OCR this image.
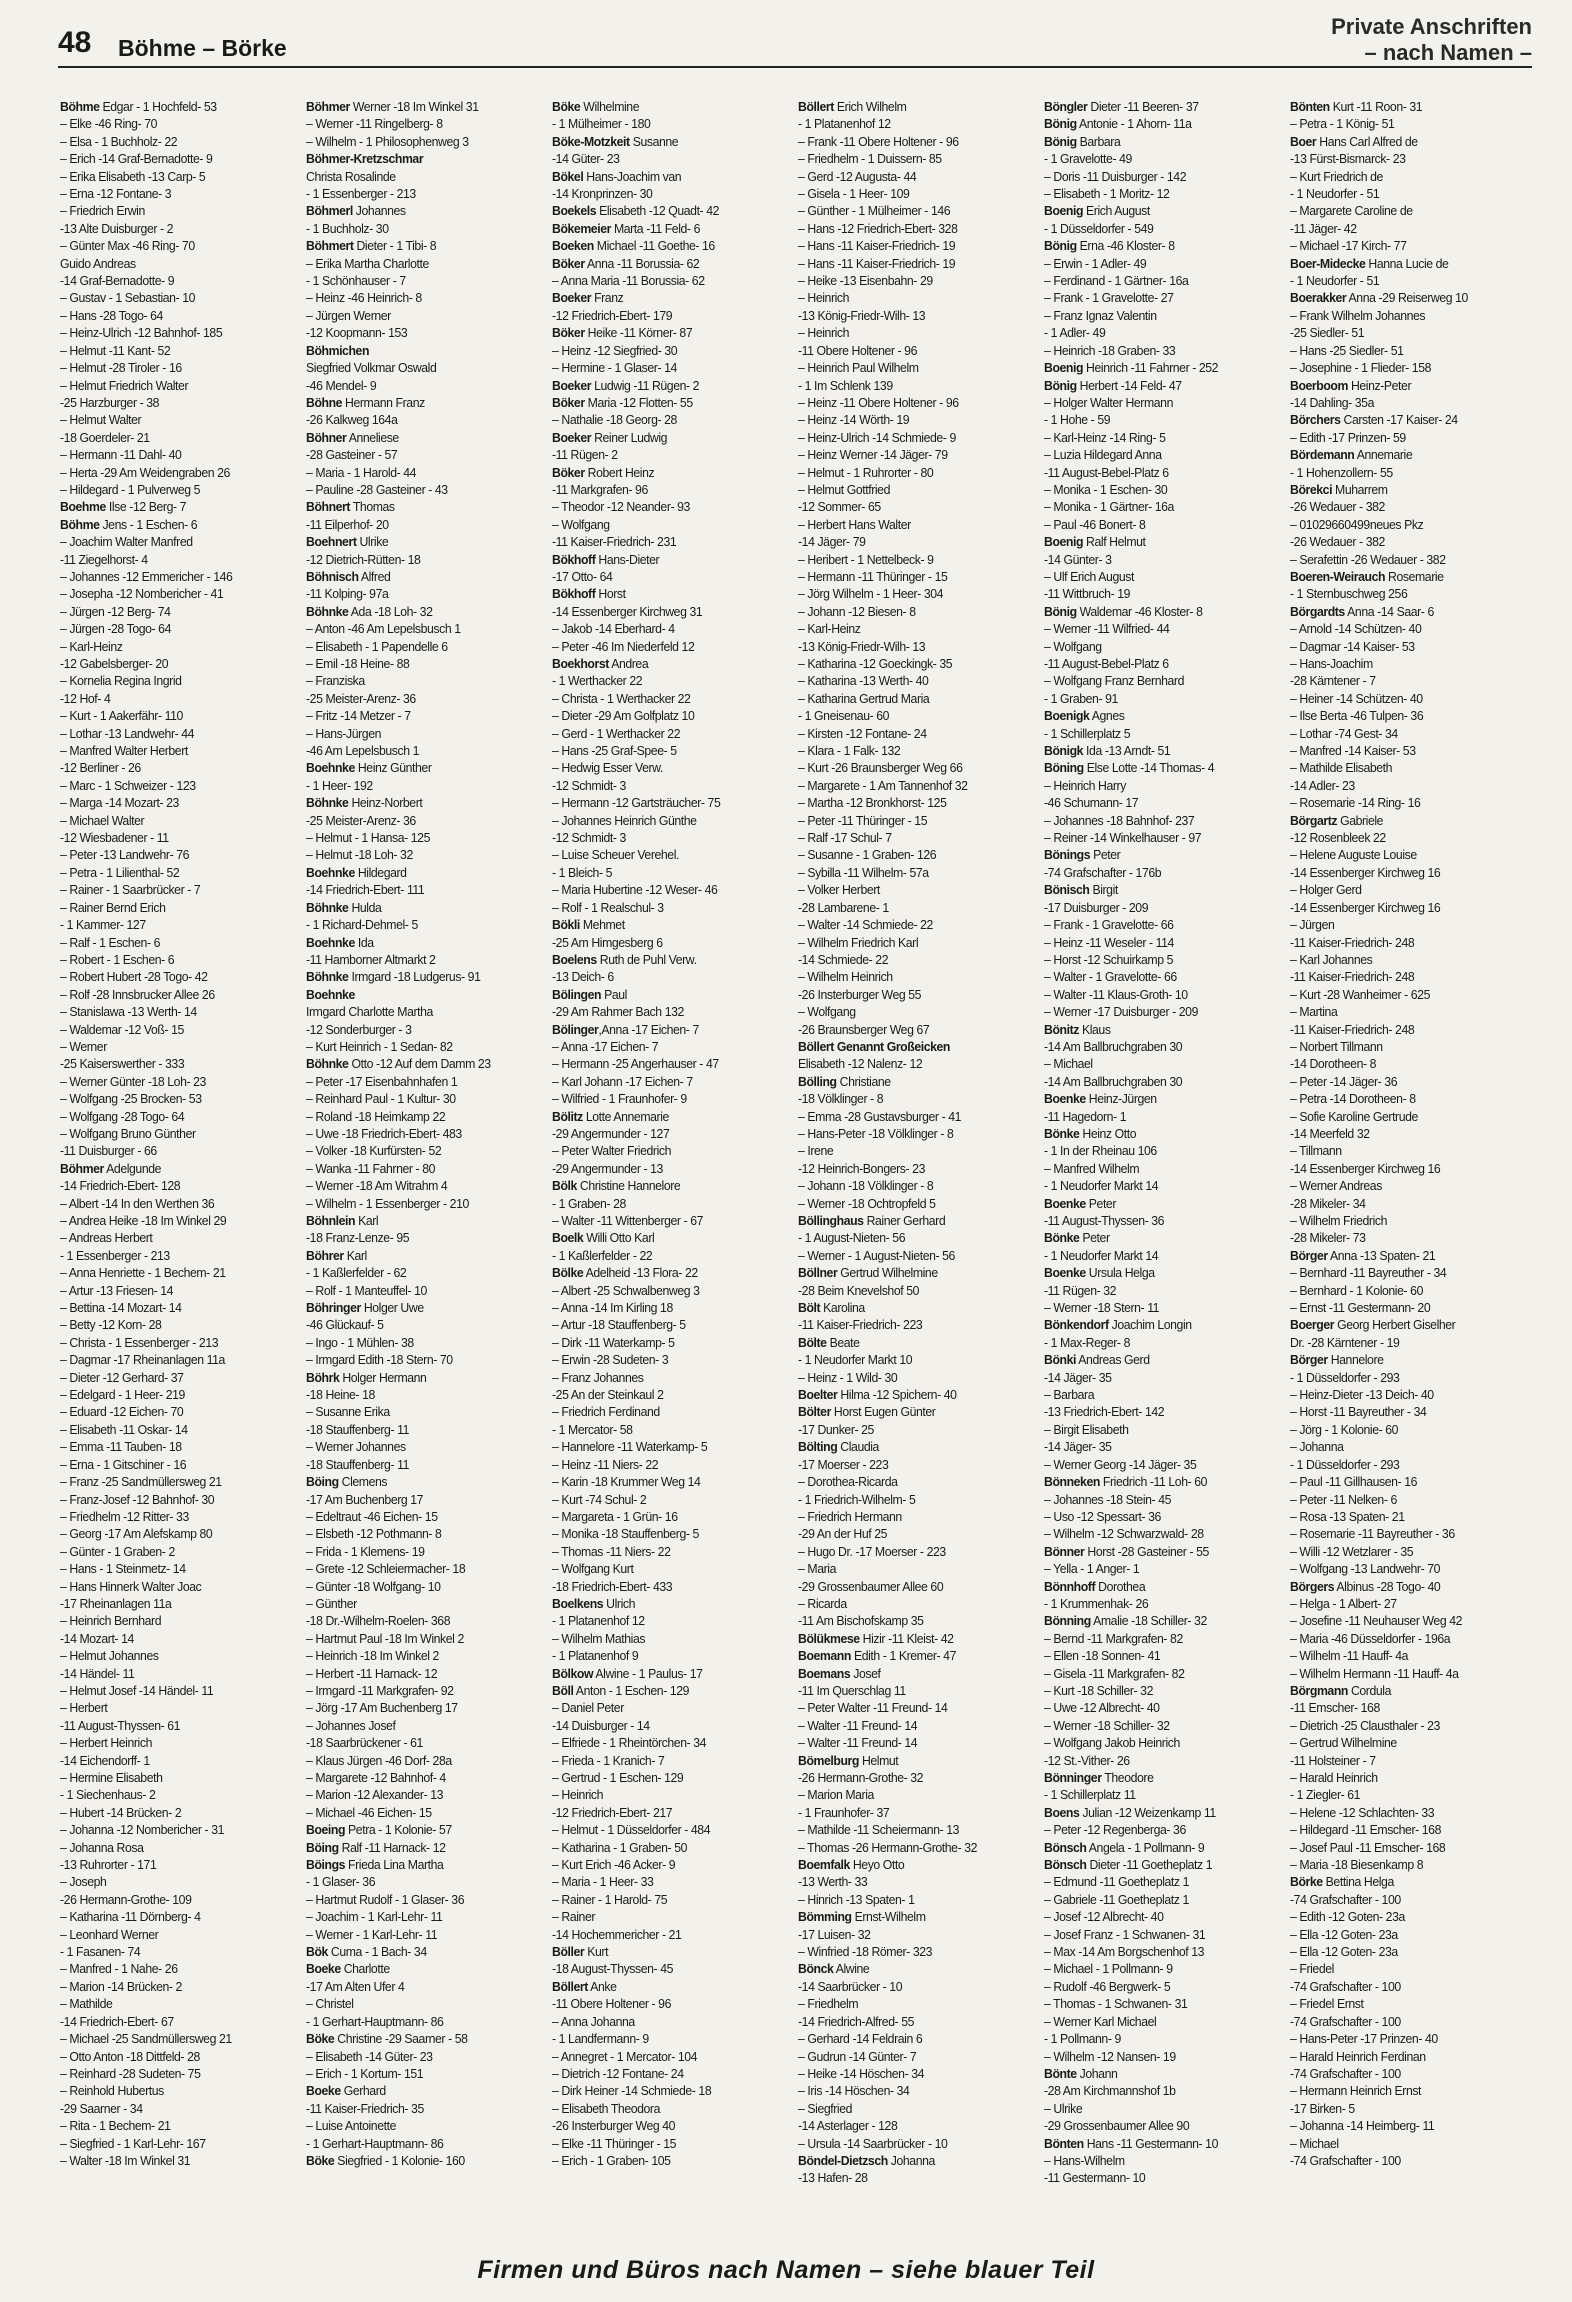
48 Böhme – Börke
Private Anschriften
– nach Namen –
Böhme Edgar - 1 Hochfeld- 53
– Elke -46 Ring- 70
– Elsa - 1 Buchholz- 22
– Erich -14 Graf-Bernadotte- 9
– Erika Elisabeth -13 Carp- 5
– Erna -12 Fontane- 3
– Friedrich Erwin
-13 Alte Duisburger - 2
– Günter Max -46 Ring- 70
Guido Andreas
-14 Graf-Bernadotte- 9
– Gustav - 1 Sebastian- 10
– Hans -28 Togo- 64
– Heinz-Ulrich -12 Bahnhof- 185
– Helmut -11 Kant- 52
– Helmut -28 Tiroler - 16
– Helmut Friedrich Walter
-25 Harzburger - 38
– Helmut Walter
-18 Goerdeler- 21
– Hermann -11 Dahl- 40
– Herta -29 Am Weidengraben 26
– Hildegard - 1 Pulverweg 5
Boehme Ilse -12 Berg- 7
Böhme Jens - 1 Eschen- 6
– Joachim Walter Manfred
-11 Ziegelhorst- 4
– Johannes -12 Emmericher - 146
– Josepha -12 Nombericher - 41
– Jürgen -12 Berg- 74
– Jürgen -28 Togo- 64
– Karl-Heinz
-12 Gabelsberger- 20
– Kornelia Regina Ingrid
-12 Hof- 4
– Kurt - 1 Aakerfähr- 110
– Lothar -13 Landwehr- 44
– Manfred Walter Herbert
-12 Berliner - 26
– Marc - 1 Schweizer - 123
– Marga -14 Mozart- 23
– Michael Walter
-12 Wiesbadener - 11
– Peter -13 Landwehr- 76
– Petra - 1 Lilienthal- 52
– Rainer - 1 Saarbrücker - 7
– Rainer Bernd Erich
- 1 Kammer- 127
– Ralf - 1 Eschen- 6
– Robert - 1 Eschen- 6
– Robert Hubert -28 Togo- 42
– Rolf -28 Innsbrucker Allee 26
– Stanislawa -13 Werth- 14
– Waldemar -12 Voß- 15
– Werner
-25 Kaiserswerther - 333
– Werner Günter -18 Loh- 23
– Wolfgang -25 Brocken- 53
– Wolfgang -28 Togo- 64
– Wolfgang Bruno Günther
-11 Duisburger - 66
Böhmer Adelgunde
-14 Friedrich-Ebert- 128
– Albert -14 In den Werthen 36
– Andrea Heike -18 Im Winkel 29
– Andreas Herbert
- 1 Essenberger - 213
– Anna Henriette - 1 Bechem- 21
– Artur -13 Friesen- 14
– Bettina -14 Mozart- 14
– Betty -12 Korn- 28
– Christa - 1 Essenberger - 213
– Dagmar -17 Rheinanlagen 11a
– Dieter -12 Gerhard- 37
– Edelgard - 1 Heer- 219
– Eduard -12 Eichen- 70
– Elisabeth -11 Oskar- 14
– Emma -11 Tauben- 18
– Erna - 1 Gitschiner - 16
– Franz -25 Sandmüllersweg 21
– Franz-Josef -12 Bahnhof- 30
– Friedhelm -12 Ritter- 33
– Georg -17 Am Alefskamp 80
– Günter - 1 Graben- 2
– Hans - 1 Steinmetz- 14
– Hans Hinnerk Walter Joac
-17 Rheinanlagen 11a
– Heinrich Bernhard
-14 Mozart- 14
– Helmut Johannes
-14 Händel- 11
– Helmut Josef -14 Händel- 11
– Herbert
-11 August-Thyssen- 61
– Herbert Heinrich
-14 Eichendorff- 1
– Hermine Elisabeth
- 1 Siechenhaus- 2
– Hubert -14 Brücken- 2
– Johanna -12 Nombericher - 31
– Johanna Rosa
-13 Ruhrorter - 171
– Joseph
-26 Hermann-Grothe- 109
– Katharina -11 Dörnberg- 4
– Leonhard Werner
- 1 Fasanen- 74
– Manfred - 1 Nahe- 26
– Marion -14 Brücken- 2
– Mathilde
-14 Friedrich-Ebert- 67
– Michael -25 Sandmüllersweg 21
– Otto Anton -18 Dittfeld- 28
– Reinhard -28 Sudeten- 75
– Reinhold Hubertus
-29 Saarner - 34
– Rita - 1 Bechem- 21
– Siegfried - 1 Karl-Lehr- 167
– Walter -18 Im Winkel 31
Böhmer Werner -18 Im Winkel 31
– Werner -11 Ringelberg- 8
– Wilhelm - 1 Philosophenweg 3
Böhmer-Kretzschmar
Christa Rosalinde
- 1 Essenberger - 213
Böhmerl Johannes
- 1 Buchholz- 30
Böhmert Dieter - 1 Tibi- 8
– Erika Martha Charlotte
- 1 Schönhauser - 7
– Heinz -46 Heinrich- 8
– Jürgen Werner
-12 Koopmann- 153
Böhmichen
Siegfried Volkmar Oswald
-46 Mendel- 9
Böhne Hermann Franz
-26 Kalkweg 164a
Böhner Anneliese
-28 Gasteiner - 57
– Maria - 1 Harold- 44
– Pauline -28 Gasteiner - 43
Böhnert Thomas
-11 Eilperhof- 20
Boehnert Ulrike
-12 Dietrich-Rütten- 18
Böhnisch Alfred
-11 Kolping- 97a
Böhnke Ada -18 Loh- 32
– Anton -46 Am Lepelsbusch 1
– Elisabeth - 1 Papendelle 6
– Emil -18 Heine- 88
– Franziska
-25 Meister-Arenz- 36
– Fritz -14 Metzer - 7
– Hans-Jürgen
-46 Am Lepelsbusch 1
Boehnke Heinz Günther
- 1 Heer- 192
Böhnke Heinz-Norbert
-25 Meister-Arenz- 36
– Helmut - 1 Hansa- 125
– Helmut -18 Loh- 32
Boehnke Hildegard
-14 Friedrich-Ebert- 111
Böhnke Hulda
- 1 Richard-Dehmel- 5
Boehnke Ida
-11 Hamborner Altmarkt 2
Böhnke Irmgard -18 Ludgerus- 91
Boehnke
Irmgard Charlotte Martha
-12 Sonderburger - 3
– Kurt Heinrich - 1 Sedan- 82
Böhnke Otto -12 Auf dem Damm 23
– Peter -17 Eisenbahnhafen 1
– Reinhard Paul - 1 Kultur- 30
– Roland -18 Heimkamp 22
– Uwe -18 Friedrich-Ebert- 483
– Volker -18 Kurfürsten- 52
– Wanka -11 Fahrner - 80
– Werner -18 Am Witrahm 4
– Wilhelm - 1 Essenberger - 210
Böhnlein Karl
-18 Franz-Lenze- 95
Böhrer Karl
- 1 Kaßlerfelder - 62
– Rolf - 1 Manteuffel- 10
Böhringer Holger Uwe
-46 Glückauf- 5
– Ingo - 1 Mühlen- 38
– Irmgard Edith -18 Stern- 70
Böhrk Holger Hermann
-18 Heine- 18
– Susanne Erika
-18 Stauffenberg- 11
– Werner Johannes
-18 Stauffenberg- 11
Böing Clemens
-17 Am Buchenberg 17
– Edeltraut -46 Eichen- 15
– Elsbeth -12 Pothmann- 8
– Frida - 1 Klemens- 19
– Grete -12 Schleiermacher- 18
– Günter -18 Wolfgang- 10
– Günther
-18 Dr.-Wilhelm-Roelen- 368
– Hartmut Paul -18 Im Winkel 2
– Heinrich -18 Im Winkel 2
– Herbert -11 Harnack- 12
– Irmgard -11 Markgrafen- 92
– Jörg -17 Am Buchenberg 17
– Johannes Josef
-18 Saarbrückener - 61
– Klaus Jürgen -46 Dorf- 28a
– Margarete -12 Bahnhof- 4
– Marion -12 Alexander- 13
– Michael -46 Eichen- 15
Boeing Petra - 1 Kolonie- 57
Böing Ralf -11 Harnack- 12
Böings Frieda Lina Martha
- 1 Glaser- 36
– Hartmut Rudolf - 1 Glaser- 36
– Joachim - 1 Karl-Lehr- 11
– Werner - 1 Karl-Lehr- 11
Bök Cuma - 1 Bach- 34
Boeke Charlotte
-17 Am Alten Ufer 4
– Christel
- 1 Gerhart-Hauptmann- 86
Böke Christine -29 Saarner - 58
– Elisabeth -14 Güter- 23
– Erich - 1 Kortum- 151
Boeke Gerhard
-11 Kaiser-Friedrich- 35
– Luise Antoinette
- 1 Gerhart-Hauptmann- 86
Böke Siegfried - 1 Kolonie- 160
Böke Wilhelmine
- 1 Mülheimer - 180
Böke-Motzkeit Susanne
-14 Güter- 23
Bökel Hans-Joachim van
-14 Kronprinzen- 30
Boekels Elisabeth -12 Quadt- 42
Bökemeier Marta -11 Feld- 6
Boeken Michael -11 Goethe- 16
Böker Anna -11 Borussia- 62
– Anna Maria -11 Borussia- 62
Boeker Franz
-12 Friedrich-Ebert- 179
Böker Heike -11 Körner- 87
– Heinz -12 Siegfried- 30
– Hermine - 1 Glaser- 14
Boeker Ludwig -11 Rügen- 2
Böker Maria -12 Flotten- 55
– Nathalie -18 Georg- 28
Boeker Reiner Ludwig
-11 Rügen- 2
Böker Robert Heinz
-11 Markgrafen- 96
– Theodor -12 Neander- 93
– Wolfgang
-11 Kaiser-Friedrich- 231
Bökhoff Hans-Dieter
-17 Otto- 64
Bökhoff Horst
-14 Essenberger Kirchweg 31
– Jakob -14 Eberhard- 4
– Peter -46 Im Niederfeld 12
Boekhorst Andrea
- 1 Werthacker 22
– Christa - 1 Werthacker 22
– Dieter -29 Am Golfplatz 10
– Gerd - 1 Werthacker 22
– Hans -25 Graf-Spee- 5
– Hedwig Esser Verw.
-12 Schmidt- 3
– Hermann -12 Gartsträucher- 75
– Johannes Heinrich Günthe
-12 Schmidt- 3
– Luise Scheuer Verehel.
- 1 Bleich- 5
– Maria Hubertine -12 Weser- 46
– Rolf - 1 Realschul- 3
Bökli Mehmet
-25 Am Himgesberg 6
Boelens Ruth de Puhl Verw.
-13 Deich- 6
Bölingen Paul
-29 Am Rahmer Bach 132
Bölinger,Anna -17 Eichen- 7
– Anna -17 Eichen- 7
– Hermann -25 Angerhauser - 47
– Karl Johann -17 Eichen- 7
– Wilfried - 1 Fraunhofer- 9
Bölitz Lotte Annemarie
-29 Angermunder - 127
– Peter Walter Friedrich
-29 Angermunder - 13
Bölk Christine Hannelore
- 1 Graben- 28
– Walter -11 Wittenberger - 67
Boelk Willi Otto Karl
- 1 Kaßlerfelder - 22
Bölke Adelheid -13 Flora- 22
– Albert -25 Schwalbenweg 3
– Anna -14 Im Kirling 18
– Artur -18 Stauffenberg- 5
– Dirk -11 Waterkamp- 5
– Erwin -28 Sudeten- 3
– Franz Johannes
-25 An der Steinkaul 2
– Friedrich Ferdinand
- 1 Mercator- 58
– Hannelore -11 Waterkamp- 5
– Heinz -11 Niers- 22
– Karin -18 Krummer Weg 14
– Kurt -74 Schul- 2
– Margareta - 1 Grün- 16
– Monika -18 Stauffenberg- 5
– Thomas -11 Niers- 22
– Wolfgang Kurt
-18 Friedrich-Ebert- 433
Boelkens Ulrich
- 1 Platanenhof 12
– Wilhelm Mathias
- 1 Platanenhof 9
Bölkow Alwine - 1 Paulus- 17
Böll Anton - 1 Eschen- 129
– Daniel Peter
-14 Duisburger - 14
– Elfriede - 1 Rheintörchen- 34
– Frieda - 1 Kranich- 7
– Gertrud - 1 Eschen- 129
– Heinrich
-12 Friedrich-Ebert- 217
– Helmut - 1 Düsseldorfer - 484
– Katharina - 1 Graben- 50
– Kurt Erich -46 Acker- 9
– Maria - 1 Heer- 33
– Rainer - 1 Harold- 75
– Rainer
-14 Hochemmericher - 21
Böller Kurt
-18 August-Thyssen- 45
Böllert Anke
-11 Obere Holtener - 96
– Anna Johanna
- 1 Landfermann- 9
– Annegret - 1 Mercator- 104
– Dietrich -12 Fontane- 24
– Dirk Heiner -14 Schmiede- 18
– Elisabeth Theodora
-26 Insterburger Weg 40
– Elke -11 Thüringer - 15
– Erich - 1 Graben- 105
Böllert Erich Wilhelm
- 1 Platanenhof 12
– Frank -11 Obere Holtener - 96
– Friedhelm - 1 Duissern- 85
– Gerd -12 Augusta- 44
– Gisela - 1 Heer- 109
– Günther - 1 Mülheimer - 146
– Hans -12 Friedrich-Ebert- 328
– Hans -11 Kaiser-Friedrich- 19
– Hans -11 Kaiser-Friedrich- 19
– Heike -13 Eisenbahn- 29
– Heinrich
-13 König-Friedr-Wilh- 13
– Heinrich
-11 Obere Holtener - 96
– Heinrich Paul Wilhelm
- 1 Im Schlenk 139
– Heinz -11 Obere Holtener - 96
– Heinz -14 Wörth- 19
– Heinz-Ulrich -14 Schmiede- 9
– Heinz Werner -14 Jäger- 79
– Helmut - 1 Ruhrorter - 80
– Helmut Gottfried
-12 Sommer- 65
– Herbert Hans Walter
-14 Jäger- 79
– Heribert - 1 Nettelbeck- 9
– Hermann -11 Thüringer - 15
– Jörg Wilhelm - 1 Heer- 304
– Johann -12 Biesen- 8
– Karl-Heinz
-13 König-Friedr-Wilh- 13
– Katharina -12 Goeckingk- 35
– Katharina -13 Werth- 40
– Katharina Gertrud Maria
- 1 Gneisenau- 60
– Kirsten -12 Fontane- 24
– Klara - 1 Falk- 132
– Kurt -26 Braunsberger Weg 66
– Margarete - 1 Am Tannenhof 32
– Martha -12 Bronkhorst- 125
– Peter -11 Thüringer - 15
– Ralf -17 Schul- 7
– Susanne - 1 Graben- 126
– Sybilla -11 Wilhelm- 57a
– Volker Herbert
-28 Lambarene- 1
– Walter -14 Schmiede- 22
– Wilhelm Friedrich Karl
-14 Schmiede- 22
– Wilhelm Heinrich
-26 Insterburger Weg 55
– Wolfgang
-26 Braunsberger Weg 67
Böllert Genannt Großeicken
Elisabeth -12 Nalenz- 12
Bölling Christiane
-18 Völklinger - 8
– Emma -28 Gustavsburger - 41
– Hans-Peter -18 Völklinger - 8
– Irene
-12 Heinrich-Bongers- 23
– Johann -18 Völklinger - 8
– Werner -18 Ochtropfeld 5
Böllinghaus Rainer Gerhard
- 1 August-Nieten- 56
– Werner - 1 August-Nieten- 56
Böllner Gertrud Wilhelmine
-28 Beim Knevelshof 50
Bölt Karolina
-11 Kaiser-Friedrich- 223
Bölte Beate
- 1 Neudorfer Markt 10
– Heinz - 1 Wild- 30
Boelter Hilma -12 Spichern- 40
Bölter Horst Eugen Günter
-17 Dunker- 25
Bölting Claudia
-17 Moerser - 223
– Dorothea-Ricarda
- 1 Friedrich-Wilhelm- 5
– Friedrich Hermann
-29 An der Huf 25
– Hugo Dr. -17 Moerser - 223
– Maria
-29 Grossenbaumer Allee 60
– Ricarda
-11 Am Bischofskamp 35
Bölükmese Hizir -11 Kleist- 42
Boemann Edith - 1 Kremer- 47
Boemans Josef
-11 Im Querschlag 11
– Peter Walter -11 Freund- 14
– Walter -11 Freund- 14
– Walter -11 Freund- 14
Bömelburg Helmut
-26 Hermann-Grothe- 32
– Marion Maria
- 1 Fraunhofer- 37
– Mathilde -11 Scheiermann- 13
– Thomas -26 Hermann-Grothe- 32
Boemfalk Heyo Otto
-13 Werth- 33
– Hinrich -13 Spaten- 1
Bömming Ernst-Wilhelm
-17 Luisen- 32
– Winfried -18 Römer- 323
Bönck Alwine
-14 Saarbrücker - 10
– Friedhelm
-14 Friedrich-Alfred- 55
– Gerhard -14 Feldrain 6
– Gudrun -14 Günter- 7
– Heike -14 Höschen- 34
– Iris -14 Höschen- 34
– Siegfried
-14 Asterlager - 128
– Ursula -14 Saarbrücker - 10
Böndel-Dietzsch Johanna
-13 Hafen- 28
Böngler Dieter -11 Beeren- 37
Bönig Antonie - 1 Ahorn- 11a
Bönig Barbara
- 1 Gravelotte- 49
– Doris -11 Duisburger - 142
– Elisabeth - 1 Moritz- 12
Boenig Erich August
- 1 Düsseldorfer - 549
Bönig Erna -46 Kloster- 8
– Erwin - 1 Adler- 49
– Ferdinand - 1 Gärtner- 16a
– Frank - 1 Gravelotte- 27
– Franz Ignaz Valentin
- 1 Adler- 49
– Heinrich -18 Graben- 33
Boenig Heinrich -11 Fahrner - 252
Bönig Herbert -14 Feld- 47
– Holger Walter Hermann
- 1 Hohe - 59
– Karl-Heinz -14 Ring- 5
– Luzia Hildegard Anna
-11 August-Bebel-Platz 6
– Monika - 1 Eschen- 30
– Monika - 1 Gärtner- 16a
– Paul -46 Bonert- 8
Boenig Ralf Helmut
-14 Günter- 3
– Ulf Erich August
-11 Wittbruch- 19
Bönig Waldemar -46 Kloster- 8
– Werner -11 Wilfried- 44
– Wolfgang
-11 August-Bebel-Platz 6
– Wolfgang Franz Bernhard
- 1 Graben- 91
Boenigk Agnes
- 1 Schillerplatz 5
Bönigk Ida -13 Arndt- 51
Böning Else Lotte -14 Thomas- 4
– Heinrich Harry
-46 Schumann- 17
– Johannes -18 Bahnhof- 237
– Reiner -14 Winkelhauser - 97
Bönings Peter
-74 Grafschafter - 176b
Bönisch Birgit
-17 Duisburger - 209
– Frank - 1 Gravelotte- 66
– Heinz -11 Weseler - 114
– Horst -12 Schuirkamp 5
– Walter - 1 Gravelotte- 66
– Walter -11 Klaus-Groth- 10
– Werner -17 Duisburger - 209
Bönitz Klaus
-14 Am Ballbruchgraben 30
– Michael
-14 Am Ballbruchgraben 30
Boenke Heinz-Jürgen
-11 Hagedorn- 1
Bönke Heinz Otto
- 1 In der Rheinau 106
– Manfred Wilhelm
- 1 Neudorfer Markt 14
Boenke Peter
-11 August-Thyssen- 36
Bönke Peter
- 1 Neudorfer Markt 14
Boenke Ursula Helga
-11 Rügen- 32
– Werner -18 Stern- 11
Bönkendorf Joachim Longin
- 1 Max-Reger- 8
Bönki Andreas Gerd
-14 Jäger- 35
– Barbara
-13 Friedrich-Ebert- 142
– Birgit Elisabeth
-14 Jäger- 35
– Werner Georg -14 Jäger- 35
Bönneken Friedrich -11 Loh- 60
– Johannes -18 Stein- 45
– Uso -12 Spessart- 36
– Wilhelm -12 Schwarzwald- 28
Bönner Horst -28 Gasteiner - 55
– Yella - 1 Anger- 1
Bönnhoff Dorothea
- 1 Krummenhak- 26
Bönning Amalie -18 Schiller- 32
– Bernd -11 Markgrafen- 82
– Ellen -18 Sonnen- 41
– Gisela -11 Markgrafen- 82
– Kurt -18 Schiller- 32
– Uwe -12 Albrecht- 40
– Werner -18 Schiller- 32
– Wolfgang Jakob Heinrich
-12 St.-Vither- 26
Bönninger Theodore
- 1 Schillerplatz 11
Boens Julian -12 Weizenkamp 11
– Peter -12 Regenberga- 36
Bönsch Angela - 1 Pollmann- 9
Bönsch Dieter -11 Goetheplatz 1
– Edmund -11 Goetheplatz 1
– Gabriele -11 Goetheplatz 1
– Josef -12 Albrecht- 40
– Josef Franz - 1 Schwanen- 31
– Max -14 Am Borgschenhof 13
– Michael - 1 Pollmann- 9
– Rudolf -46 Bergwerk- 5
– Thomas - 1 Schwanen- 31
– Werner Karl Michael
- 1 Pollmann- 9
– Wilhelm -12 Nansen- 19
Bönte Johann
-28 Am Kirchmannshof 1b
– Ulrike
-29 Grossenbaumer Allee 90
Bönten Hans -11 Gestermann- 10
– Hans-Wilhelm
-11 Gestermann- 10
Bönten Kurt -11 Roon- 31
– Petra - 1 König- 51
Boer Hans Carl Alfred de
-13 Fürst-Bismarck- 23
– Kurt Friedrich de
- 1 Neudorfer - 51
– Margarete Caroline de
-11 Jäger- 42
– Michael -17 Kirch- 77
Boer-Midecke Hanna Lucie de
- 1 Neudorfer - 51
Boerakker Anna -29 Reiserweg 10
– Frank Wilhelm Johannes
-25 Siedler- 51
– Hans -25 Siedler- 51
– Josephine - 1 Flieder- 158
Boerboom Heinz-Peter
-14 Dahling- 35a
Börchers Carsten -17 Kaiser- 24
– Edith -17 Prinzen- 59
Bördemann Annemarie
- 1 Hohenzollern- 55
Börekci Muharrem
-26 Wedauer - 382
– 01029660499neues Pkz
-26 Wedauer - 382
– Serafettin -26 Wedauer - 382
Boeren-Weirauch Rosemarie
- 1 Sternbuschweg 256
Börgardts Anna -14 Saar- 6
– Arnold -14 Schützen- 40
– Dagmar -14 Kaiser- 53
– Hans-Joachim
-28 Kärntener - 7
– Heiner -14 Schützen- 40
– Ilse Berta -46 Tulpen- 36
– Lothar -74 Gest- 34
– Manfred -14 Kaiser- 53
– Mathilde Elisabeth
-14 Adler- 23
– Rosemarie -14 Ring- 16
Börgartz Gabriele
-12 Rosenbleek 22
– Helene Auguste Louise
-14 Essenberger Kirchweg 16
– Holger Gerd
-14 Essenberger Kirchweg 16
– Jürgen
-11 Kaiser-Friedrich- 248
– Karl Johannes
-11 Kaiser-Friedrich- 248
– Kurt -28 Wanheimer - 625
– Martina
-11 Kaiser-Friedrich- 248
– Norbert Tillmann
-14 Dorotheen- 8
– Peter -14 Jäger- 36
– Petra -14 Dorotheen- 8
– Sofie Karoline Gertrude
-14 Meerfeld 32
– Tillmann
-14 Essenberger Kirchweg 16
– Werner Andreas
-28 Mikeler- 34
– Wilhelm Friedrich
-28 Mikeler- 73
Börger Anna -13 Spaten- 21
– Bernhard -11 Bayreuther - 34
– Bernhard - 1 Kolonie- 60
– Ernst -11 Gestermann- 20
Boerger Georg Herbert Giselher
Dr. -28 Kärntener - 19
Börger Hannelore
- 1 Düsseldorfer - 293
– Heinz-Dieter -13 Deich- 40
– Horst -11 Bayreuther - 34
– Jörg - 1 Kolonie- 60
– Johanna
- 1 Düsseldorfer - 293
– Paul -11 Gillhausen- 16
– Peter -11 Nelken- 6
– Rosa -13 Spaten- 21
– Rosemarie -11 Bayreuther - 36
– Willi -12 Wetzlarer - 35
– Wolfgang -13 Landwehr- 70
Börgers Albinus -28 Togo- 40
– Helga - 1 Albert- 27
– Josefine -11 Neuhauser Weg 42
– Maria -46 Düsseldorfer - 196a
– Wilhelm -11 Hauff- 4a
– Wilhelm Hermann -11 Hauff- 4a
Börgmann Cordula
-11 Emscher- 168
– Dietrich -25 Clausthaler - 23
– Gertrud Wilhelmine
-11 Holsteiner - 7
– Harald Heinrich
- 1 Ziegler- 61
– Helene -12 Schlachten- 33
– Hildegard -11 Emscher- 168
– Josef Paul -11 Emscher- 168
– Maria -18 Biesenkamp 8
Börke Bettina Helga
-74 Grafschafter - 100
– Edith -12 Goten- 23a
– Ella -12 Goten- 23a
– Ella -12 Goten- 23a
– Friedel
-74 Grafschafter - 100
– Friedel Ernst
-74 Grafschafter - 100
– Hans-Peter -17 Prinzen- 40
– Harald Heinrich Ferdinan
-74 Grafschafter - 100
– Hermann Heinrich Ernst
-17 Birken- 5
– Johanna -14 Heimberg- 11
– Michael
-74 Grafschafter - 100
Firmen und Büros nach Namen – siehe blauer Teil
